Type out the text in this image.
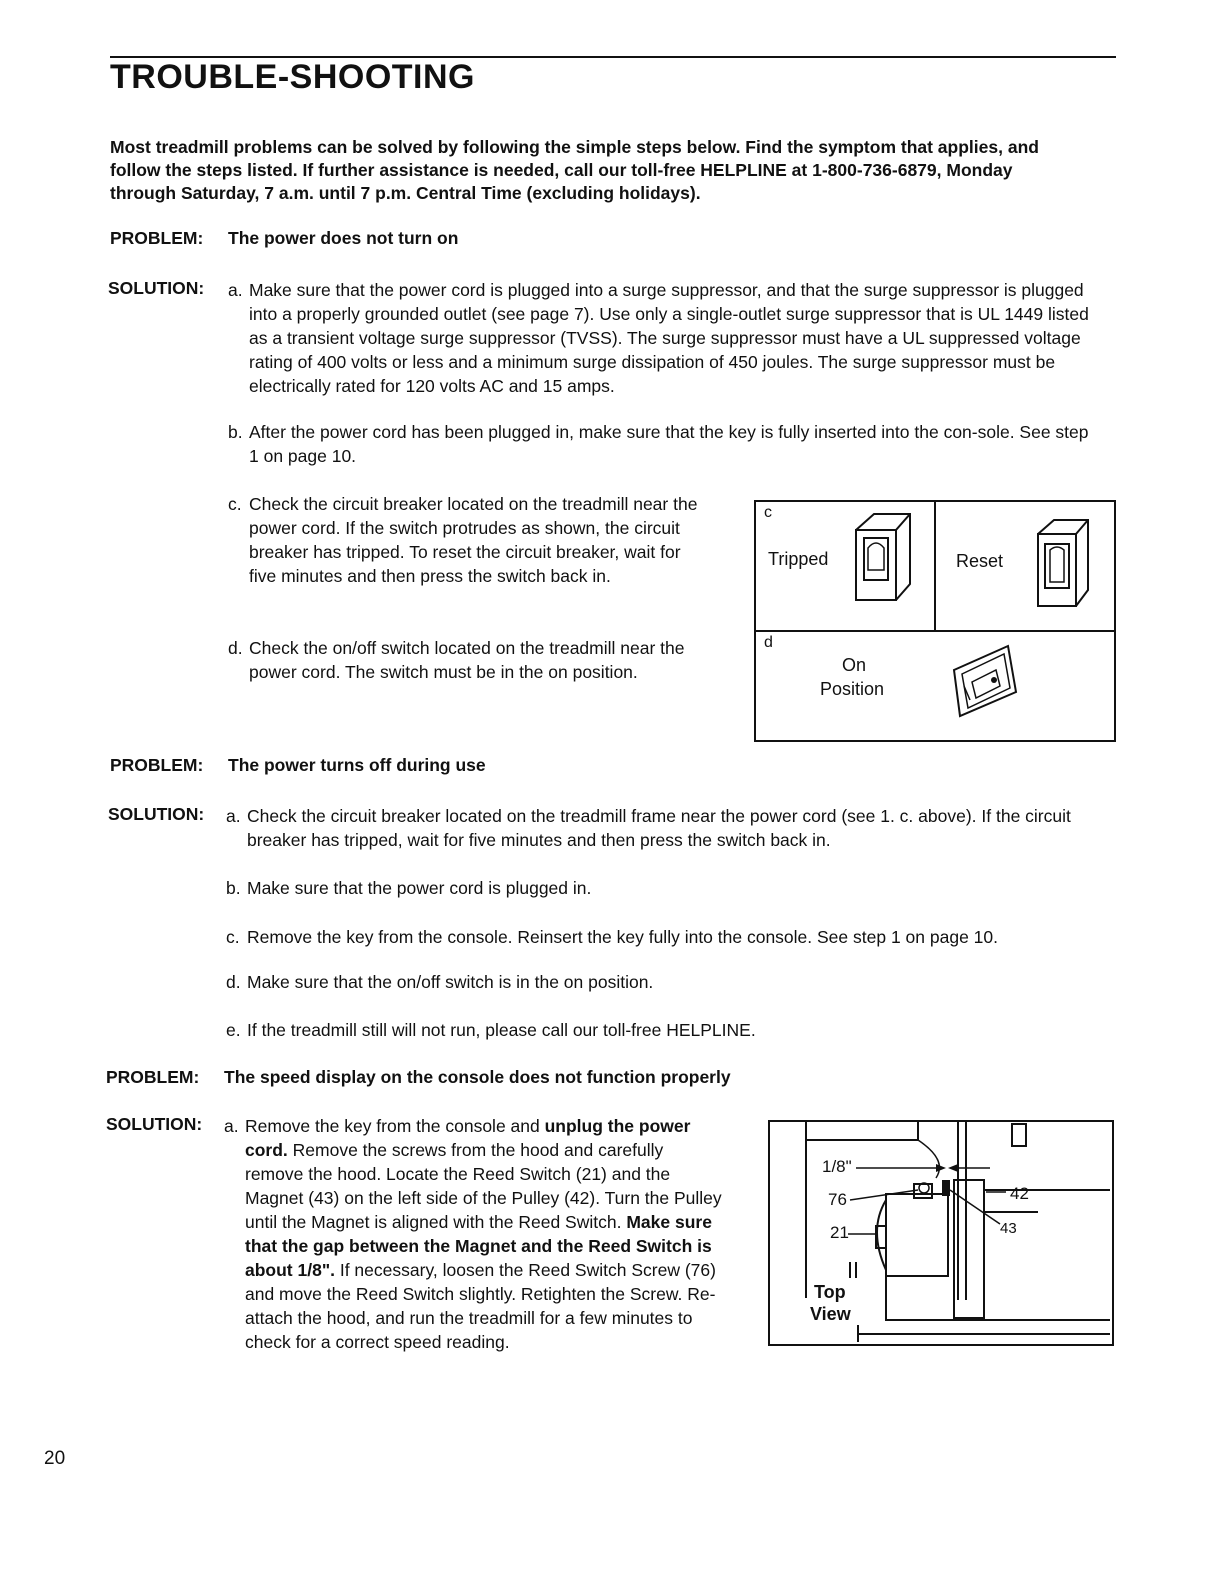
TROUBLE-SHOOTING
Most treadmill problems can be solved by following the simple steps below. Find the symptom that applies, and follow the steps listed. If further assistance is needed, call our toll-free HELPLINE at 1-800-736-6879, Monday through Saturday, 7 a.m. until 7 p.m. Central Time (excluding holidays).
PROBLEM: The power does not turn on
SOLUTION: a. Make sure that the power cord is plugged into a surge suppressor, and that the surge suppressor is plugged into a properly grounded outlet (see page 7). Use only a single-outlet surge suppressor that is UL 1449 listed as a transient voltage surge suppressor (TVSS). The surge suppressor must have a UL suppressed voltage rating of 400 volts or less and a minimum surge dissipation of 450 joules. The surge suppressor must be electrically rated for 120 volts AC and 15 amps.
b. After the power cord has been plugged in, make sure that the key is fully inserted into the con-sole. See step 1 on page 10.
c. Check the circuit breaker located on the treadmill near the power cord. If the switch protrudes as shown, the circuit breaker has tripped. To reset the circuit breaker, wait for five minutes and then press the switch back in.
d. Check the on/off switch located on the treadmill near the power cord. The switch must be in the on position.
c
Tripped	Reset
d
On
Position
PROBLEM: The power turns off during use
SOLUTION: a. Check the circuit breaker located on the treadmill frame near the power cord (see 1. c. above). If the circuit breaker has tripped, wait for five minutes and then press the switch back in.
b. Make sure that the power cord is plugged in.
c. Remove the key from the console. Reinsert the key fully into the console. See step 1 on page 10.
d. Make sure that the on/off switch is in the on position.
e. If the treadmill still will not run, please call our toll-free HELPLINE.
PROBLEM: The speed display on the console does not function properly
SOLUTION: a. Remove the key from the console and unplug the power cord. Remove the screws from the hood and carefully remove the hood. Locate the Reed Switch (21) and the Magnet (43) on the left side of the Pulley (42). Turn the Pulley until the Magnet is aligned with the Reed Switch. Make sure that the gap between the Magnet and the Reed Switch is about 1/8". If necessary, loosen the Reed Switch Screw (76) and move the Reed Switch slightly. Retighten the Screw. Re-attach the hood, and run the treadmill for a few minutes to check for a correct speed reading.
1/8"
76
21
42
43
Top
View
20
